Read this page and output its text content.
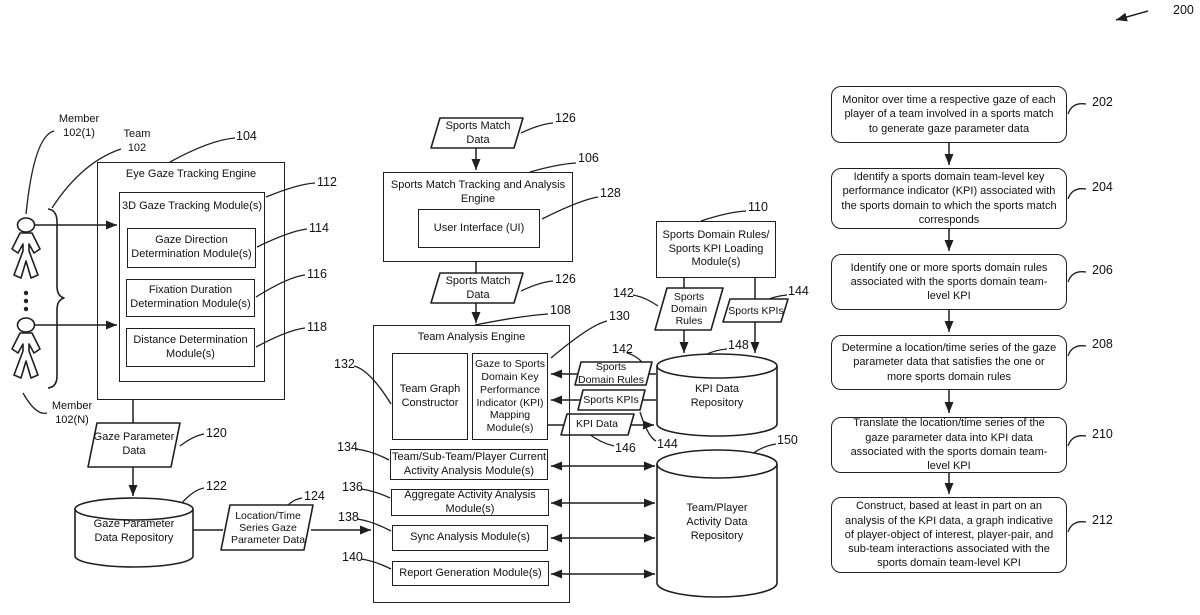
Member
102(1)	Team
102
Member
102(N)
Eye Gaze Tracking Engine
3D Gaze Tracking Module(s)
Gaze Direction
Determination Module(s)
Fixation Duration
Determination Module(s)
Distance Determination
Module(s)
Gaze Parameter
Data
Gaze Parameter
Data Repository
Location/Time
Series Gaze
Parameter Data
Sports Match
Data
Sports Match Tracking and Analysis
Engine
User Interface (UI)
Sports Match
Data
Team Analysis Engine
Team Graph
Constructor
Gaze to Sports
Domain Key
Performance
Indicator (KPI)
Mapping
Module(s)
Team/Sub-Team/Player Current
Activity Analysis Module(s)
Aggregate Activity Analysis
Module(s)
Sync Analysis Module(s)
Report Generation Module(s)
Sports Domain Rules/
Sports KPI Loading
Module(s)
Sports
Domain
Rules
Sports KPIs
Sports
Domain Rules
Sports KPIs
KPI Data
KPI Data
Repository
Team/Player
Activity Data
Repository
Monitor over time a respective gaze of each player of a team involved in a sports match to generate gaze parameter data
Identify a sports domain team-level key performance indicator (KPI) associated with the sports domain to which the sports match corresponds
Identify one or more sports domain rules associated with the sports domain team-level KPI
Determine a location/time series of the gaze parameter data that satisfies the one or more sports domain rules
Translate the location/time series of the gaze parameter data into KPI data associated with the sports domain team-level KPI
Construct, based at least in part on an analysis of the KPI data, a graph indicative of player-object of interest, player-pair, and sub-team interactions associated with the sports domain team-level KPI
200
104
112
114
116
118
120
122
124
126
106
128
126
108	130
132
134
136
138
140
110
142	144
142	148
144
146
150
202
204
206
208
210
212
